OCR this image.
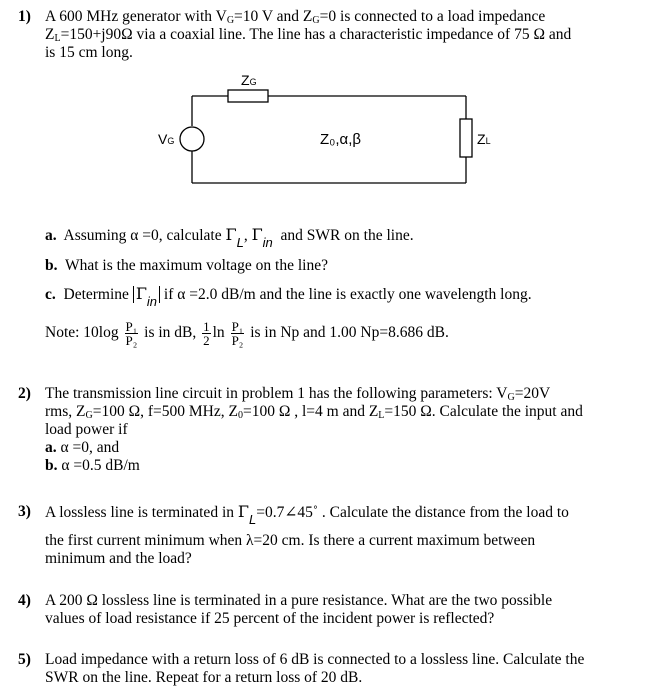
1) A 600 MHz generator with $V_G=10$ V and $Z_G=0$ is connected to a load impedance
$Z_L=150+j90\Omega$ via a coaxial line. The line has a characteristic impedance of 75 Ω and
is 15 cm long.
ZG
VG	Z₀,α,β	ZL
a. Assuming α =0, calculate $\Gamma_L$, $\Gamma_{in}$ and SWR on the line.
b. What is the maximum voltage on the line?
c. Determine $\Gamma_{in}$ if α =2.0 dB/m and the line is exactly one wavelength long.
Note: $10\log \frac{\text{P₁}}{\text{P₂}}$ is in dB, $\frac{1}{2}$ $\ln \frac{\text{P₁}}{\text{P₂}}$ is in Np and 1.00 Np=8.686 dB.
2) The transmission line circuit in problem 1 has the following parameters: $V_G=20V$
rms, $Z_G=100$ Ω, f=500 MHz, $Z_0=100$ Ω , l=4 m and $Z_L=150$ Ω. Calculate the input and
load power if
a. α =0, and
b. α =0.5 dB/m
3) A lossless line is terminated in $\Gamma_L=0.7\angle 45˚$ . Calculate the distance from the load to
the first current minimum when λ=20 cm. Is there a current maximum between
minimum and the load?
4) A 200 Ω lossless line is terminated in a pure resistance. What are the two possible
values of load resistance if 25 percent of the incident power is reflected?
5) Load impedance with a return loss of 6 dB is connected to a lossless line. Calculate the
SWR on the line. Repeat for a return loss of 20 dB.
